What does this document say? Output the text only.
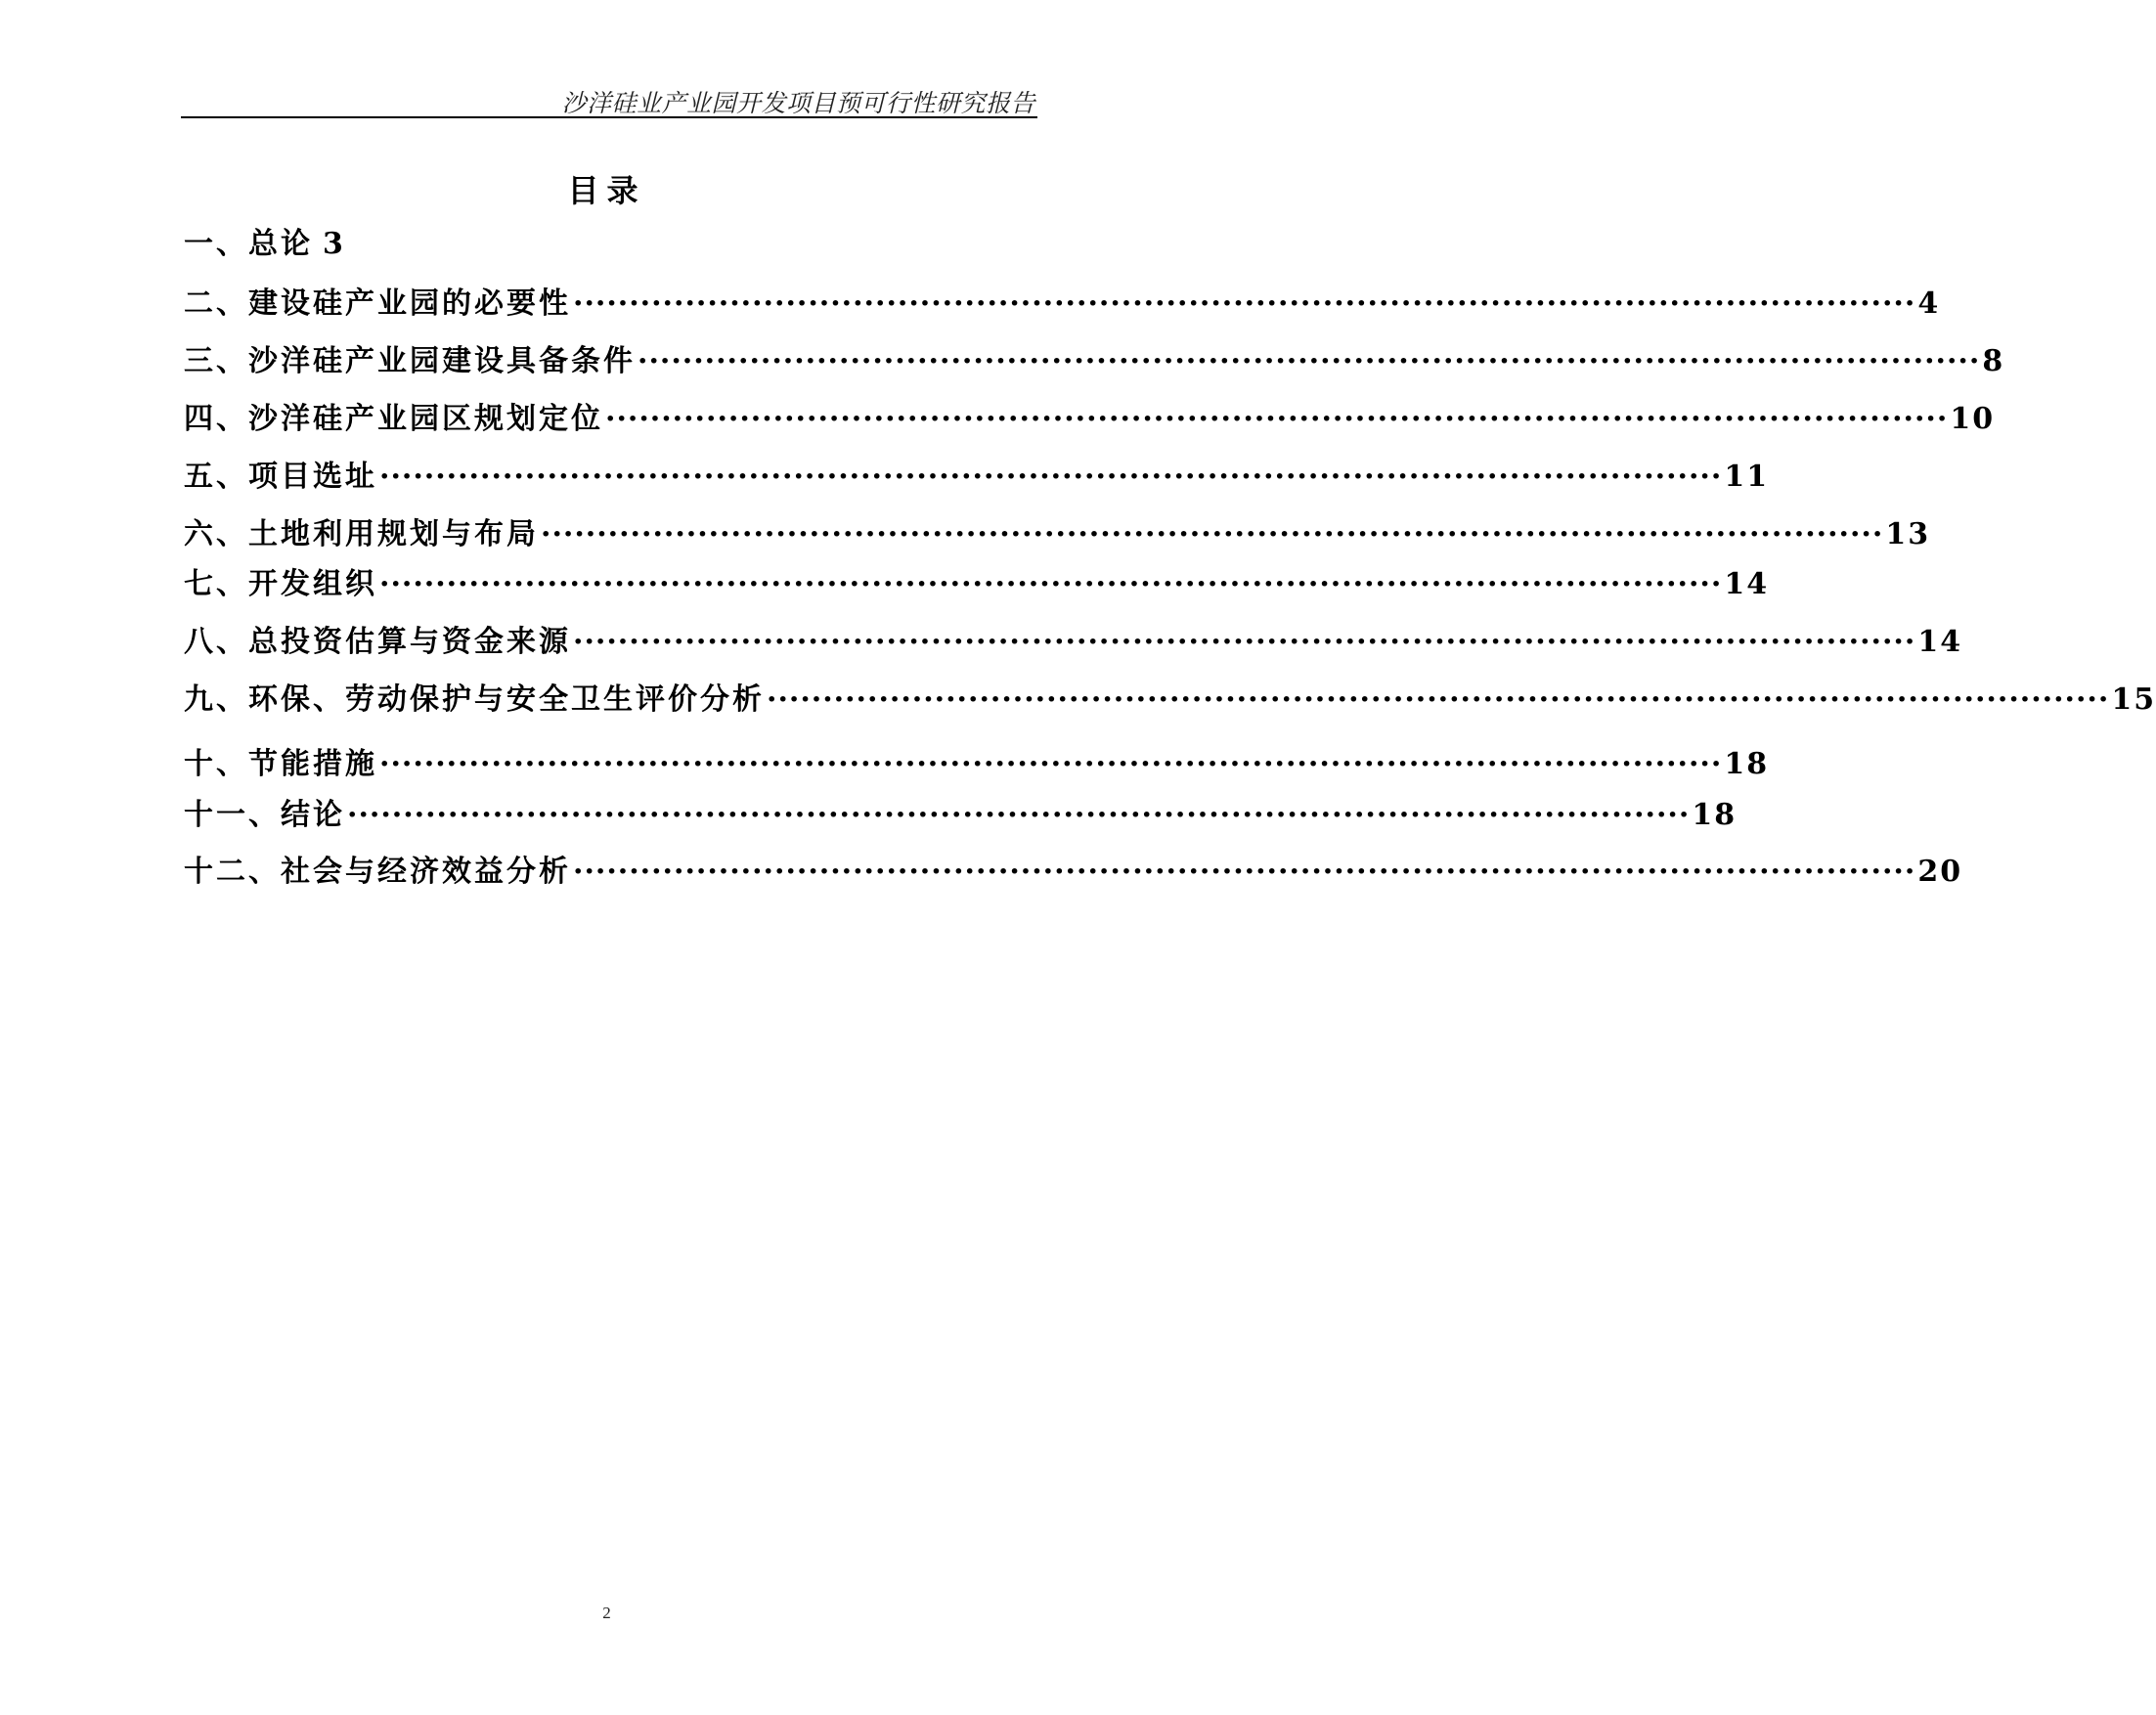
沙洋硅业产业园开发项目预可行性研究报告
目录
一、总论 3
二、建设硅产业园的必要性 ························································································································ 4
三、沙洋硅产业园建设具备条件 ························································································································ 8
四、沙洋硅产业园区规划定位 ························································································································ 10
五、项目选址 ························································································································ 11
六、土地利用规划与布局 ························································································································ 13
七、开发组织 ························································································································ 14
八、总投资估算与资金来源 ························································································································ 14
九、环保、劳动保护与安全卫生评价分析 ························································································································ 15
十、节能措施 ························································································································ 18
十一、结论 ························································································································ 18
十二、社会与经济效益分析 ························································································································ 20
2
